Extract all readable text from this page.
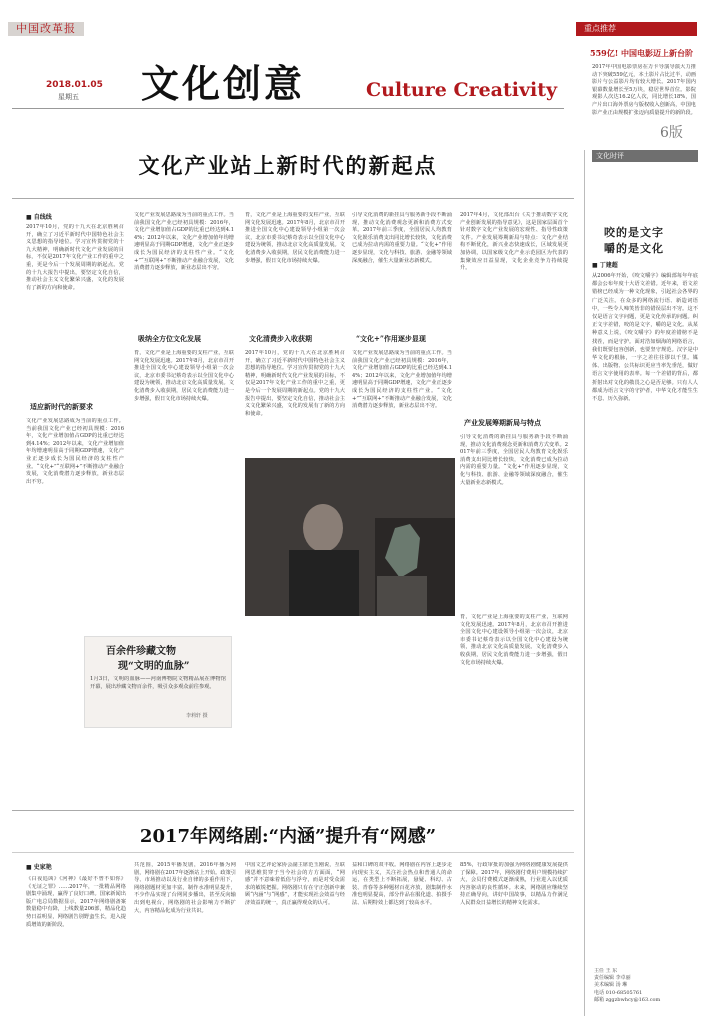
中国改革报
2018.01.05
星期五 文化创意	Culture Creativity
重点推荐
559亿! 中国电影迈上新台阶
2017年中国电影票房在万卡导演导演大力推动下突破559亿元，本土影片占比过半，动画影片与公益影片均有较大增长。2017年国内银幕数量增长至5万块，稳居世界首位。影院观影人次达16.2亿人次，同比增长18%，国产片出口海外票房与版权收入创新高，中国电影产业正由规模扩张迈向质量提升的新阶段。
6版
文化时评
咬的是文字
嚼的是文化
■ 丁建超
从2006年开始，《咬文嚼字》编辑部每年年底都会公布年度十大语文差错。近年来，语文差错榜已经成为一种文化现象，引起社会各界的广泛关注。在众多的网络流行语、新造词语中，一些令人啼笑皆非的错误层出不穷。这不仅是语言文字问题，更是文化传承的问题。纠正文字差错，咬的是文字，嚼的是文化。从某种意义上说，《咬文嚼字》的年度差错榜不是找茬，而是守护。面对浩如烟海的网络语言，我们既要包容创新，也要坚守规范。汉字是中华文化的根脉，一字之差往往谬以千里。媒体、出版物、公共标识更应当率先垂范，做好语言文字使用的表率。每一个差错的背后，都折射出对文化的敬畏之心是否足够。只有人人都成为语言文字的守护者，中华文化才能生生不息、历久弥新。
主任 王 东
责任编辑 李卓丽
美术编辑 汤 琳
电话 010-68505761
邮箱 zggzbwhcy@163.com
文化产业站上新时代的新起点
■ 自线线
2017年10月，党的十九大在北京胜利召开，确立了习近平新时代中国特色社会主义思想的指导地位。学习宣传贯彻党的十九大精神，明确新时代文化产业发展的目标，不仅是2017年文化产业工作的重中之重，更是今后一个发展周期的新起点。党的十九大报告中提出，要坚定文化自信，推动社会主义文化繁荣兴盛，文化的发展有了新的方向和使命。
适应新时代的新要求
文化产业发展思路成为当前的重点工作。当前我国文化产业已经初具规模：2016年，文化产业增加值占GDP的比重已经达到4.14%；2012年以来，文化产业增加值年均增速明显高于同期GDP增速，文化产业正逐步成长为国民经济的支柱性产业。“文化+”“互联网+”不断推动产业融合发展，文化消费潜力逐步释放，新业态层出不穷。
文化产业发展思路成为当前的重点工作。当前我国文化产业已经初具规模：2016年，文化产业增加值占GDP的比重已经达到4.14%；2012年以来，文化产业增加值年均增速明显高于同期GDP增速，文化产业正逐步成长为国民经济的支柱性产业。“文化+”“互联网+”不断推动产业融合发展，文化消费潜力逐步释放，新业态层出不穷。
吸纳全方位文化发展
育，文化产业是上海重要的支柱产业，互联网文化发展迅速。2017年8月，北京市召开推进全国文化中心建设领导小组第一次会议，北京市委书记蔡奇表示以全国文化中心建设为统领，推动北京文化高质量发展。文化清费步入收获期，居民文化消费能力进一步增强，假日文化市场持续火爆。
育，文化产业是上海重要的支柱产业，互联网文化发展迅速。2017年8月，北京市召开推进全国文化中心建设领导小组第一次会议，北京市委书记蔡奇表示以全国文化中心建设为统领，推动北京文化高质量发展。文化清费步入收获期，居民文化消费能力进一步增强，假日文化市场持续火爆。
文化清费步入收获期
2017年10月，党的十九大在北京胜利召开，确立了习近平新时代中国特色社会主义思想的指导地位。学习宣传贯彻党的十九大精神，明确新时代文化产业发展的目标，不仅是2017年文化产业工作的重中之重，更是今后一个发展周期的新起点。党的十九大报告中提出，要坚定文化自信，推动社会主义文化繁荣兴盛，文化的发展有了新的方向和使命。
引导文化消费的新挂具与服务新手段不断涌现，推动文化消费观念更新和消费方式变革。2017年前三季度，全国居民人均教育文化娱乐消费支出同比增长较快，文化消费已成为拉动内需的重要力量。“文化+”作用逐步显现，文化与科技、旅游、金融等领域深度融合，催生大量新业态新模式。
“文化+”作用逐步显现
文化产业发展思路成为当前的重点工作。当前我国文化产业已经初具规模：2016年，文化产业增加值占GDP的比重已经达到4.14%；2012年以来，文化产业增加值年均增速明显高于同期GDP增速，文化产业正逐步成长为国民经济的支柱性产业。“文化+”“互联网+”不断推动产业融合发展，文化消费潜力逐步释放，新业态层出不穷。
2017年4月，文化部出台《关于推动数字文化产业创新发展的指导意见》，这是国家层面首个针对数字文化产业发展的宏观性、指导性政策文件。产业发展筹期新局与特点：文化产业结构不断优化，新兴业态快速成长，区域发展更加协调，以国家级文化产业示范园区为代表的集聚效应日益显现，文化企业竞争力持续提升。
产业发展筹期新局与特点
引导文化消费的新挂具与服务新手段不断涌现，推动文化消费观念更新和消费方式变革。2017年前三季度，全国居民人均教育文化娱乐消费支出同比增长较快，文化消费已成为拉动内需的重要力量。“文化+”作用逐步显现，文化与科技、旅游、金融等领域深度融合，催生大量新业态新模式。
育，文化产业是上海重要的支柱产业，互联网文化发展迅速。2017年8月，北京市召开推进全国文化中心建设领导小组第一次会议，北京市委书记蔡奇表示以全国文化中心建设为统领，推动北京文化高质量发展。文化清费步入收获期，居民文化消费能力进一步增强，假日文化市场持续火爆。
百余件珍藏文物
现“文明的血脉”
1月3日，文明的血脉——河南博物院文物精品展在博物馆开幕，展出珍藏文物百余件，吸引众多观众前往参观。
李莉轩 摄
2017年网络剧:“内涵”提升有“网感”
■ 史家艳
《白夜追凶》《河神》《最好不曾不如你》《无证之罪》……2017年，一批精品网络剧集中涌现，赢得了良好口碑。国家新闻出版广电总局数据显示，2017年网络剧备案数量稳中有降，上线数量206部，精品化趋势日益明显，网络剧告别野蛮生长，进入提质增效的新阶段。
共范围，2015年播发剧，2016年播为网剧，网络剧在2017年逐渐站上开始。政策引导、市场推动以及行业自律的多重作用下，网络剧题材更加丰富，制作水准明显提升，不少作品实现了台网同步播出，甚至反向输出到电视台，网络剧的社会影响力不断扩大，内容精品化成为行业共识。
中国文艺评论家协会副主席范玉刚说，互联网思维贯穿于当今社会的方方面面，“网感”并不意味着低俗与浮夸，而是对受众需求的敏锐把握。网络剧只有在守正创新中兼顾“内涵”与“网感”，才能实现社会效益与经济效益的统一，真正赢得观众的认可。
益和口碑的双丰收。网络剧在内容上逐步走向现实主义，关注社会热点和普通人的命运，在类型上不断拓展，悬疑、科幻、古装、青春等多种题材百花齐放，剧集制作水准也明显提高，部分作品在服化道、拍摄手法、后期特效上都达到了较高水平。
85%，行政审批的加强为网络剧健康发展提供了保障。2017年，网络剧付费用户规模持续扩大，会员付费模式逐渐成熟，行业进入以优质内容驱动的良性循环。未来，网络剧应继续坚持正确导向，讲好中国故事，以精品力作满足人民群众日益增长的精神文化需求。
